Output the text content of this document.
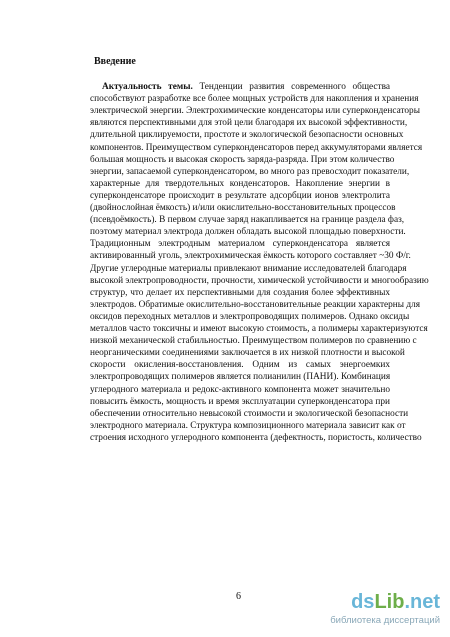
Введение
Актуальность темы. Тенденции развития современного общества
способствуют разработке все более мощных устройств для накопления и хранения
электрической энергии. Электрохимические конденсаторы или суперконденсаторы
являются перспективными для этой цели благодаря их высокой эффективности,
длительной циклируемости, простоте и экологической безопасности основных
компонентов. Преимуществом суперконденсаторов перед аккумуляторами является
большая мощность и высокая скорость заряда-разряда. При этом количество
энергии, запасаемой суперконденсатором, во много раз превосходит показатели,
характерные для твердотельных конденсаторов. Накопление энергии в
суперконденсаторе происходит в результате адсорбции ионов электролита
(двойнослойная ёмкость) и/или окислительно-восстановительных процессов
(псевдоёмкость). В первом случае заряд накапливается на границе раздела фаз,
поэтому материал электрода должен обладать высокой площадью поверхности.
Традиционным электродным материалом суперконденсатора является
активированный уголь, электрохимическая ёмкость которого составляет ~30 Ф/г.
Другие углеродные материалы привлекают внимание исследователей благодаря
высокой электропроводности, прочности, химической устойчивости и многообразию
структур, что делает их перспективными для создания более эффективных
электродов. Обратимые окислительно-восстановительные реакции характерны для
оксидов переходных металлов и электропроводящих полимеров. Однако оксиды
металлов часто токсичны и имеют высокую стоимость, а полимеры характеризуются
низкой механической стабильностью. Преимуществом полимеров по сравнению с
неорганическими соединениями заключается в их низкой плотности и высокой
скорости окисления-восстановления. Одним из самых энергоемких
электропроводящих полимеров является полианилин (ПАНИ). Комбинация
углеродного материала и редокс-активного компонента может значительно
повысить ёмкость, мощность и время эксплуатации суперконденсатора при
обеспечении относительно невысокой стоимости и экологической безопасности
электродного материала. Структура композиционного материала зависит как от
строения исходного углеродного компонента (дефектность, пористость, количество
6	dsLib.net
библиотека диссертаций
